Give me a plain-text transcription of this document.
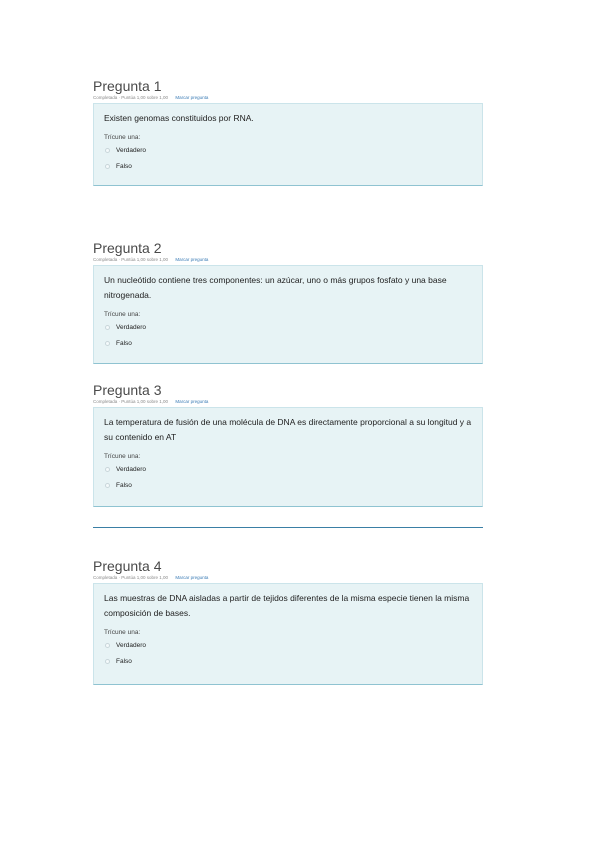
Pregunta 1
Completada · Puntúa 1,00 sobre 1,00 Marcar pregunta

Existen genomas constituidos por RNA.

Trícune una:
Verdadero
Falso
Pregunta 2
Completada · Puntúa 1,00 sobre 1,00 Marcar pregunta

Un nucleótido contiene tres componentes: un azúcar, uno o más grupos fosfato y una base nitrogenada.

Trícune una:
Verdadero
Falso
Pregunta 3
Completada · Puntúa 1,00 sobre 1,00 Marcar pregunta

La temperatura de fusión de una molécula de DNA es directamente proporcional a su longitud y a su contenido en AT

Trícune una:
Verdadero
Falso
Pregunta 4
Completada · Puntúa 1,00 sobre 1,00 Marcar pregunta

Las muestras de DNA aisladas a partir de tejidos diferentes de la misma especie tienen la misma composición de bases.

Trícune una:
Verdadero
Falso
